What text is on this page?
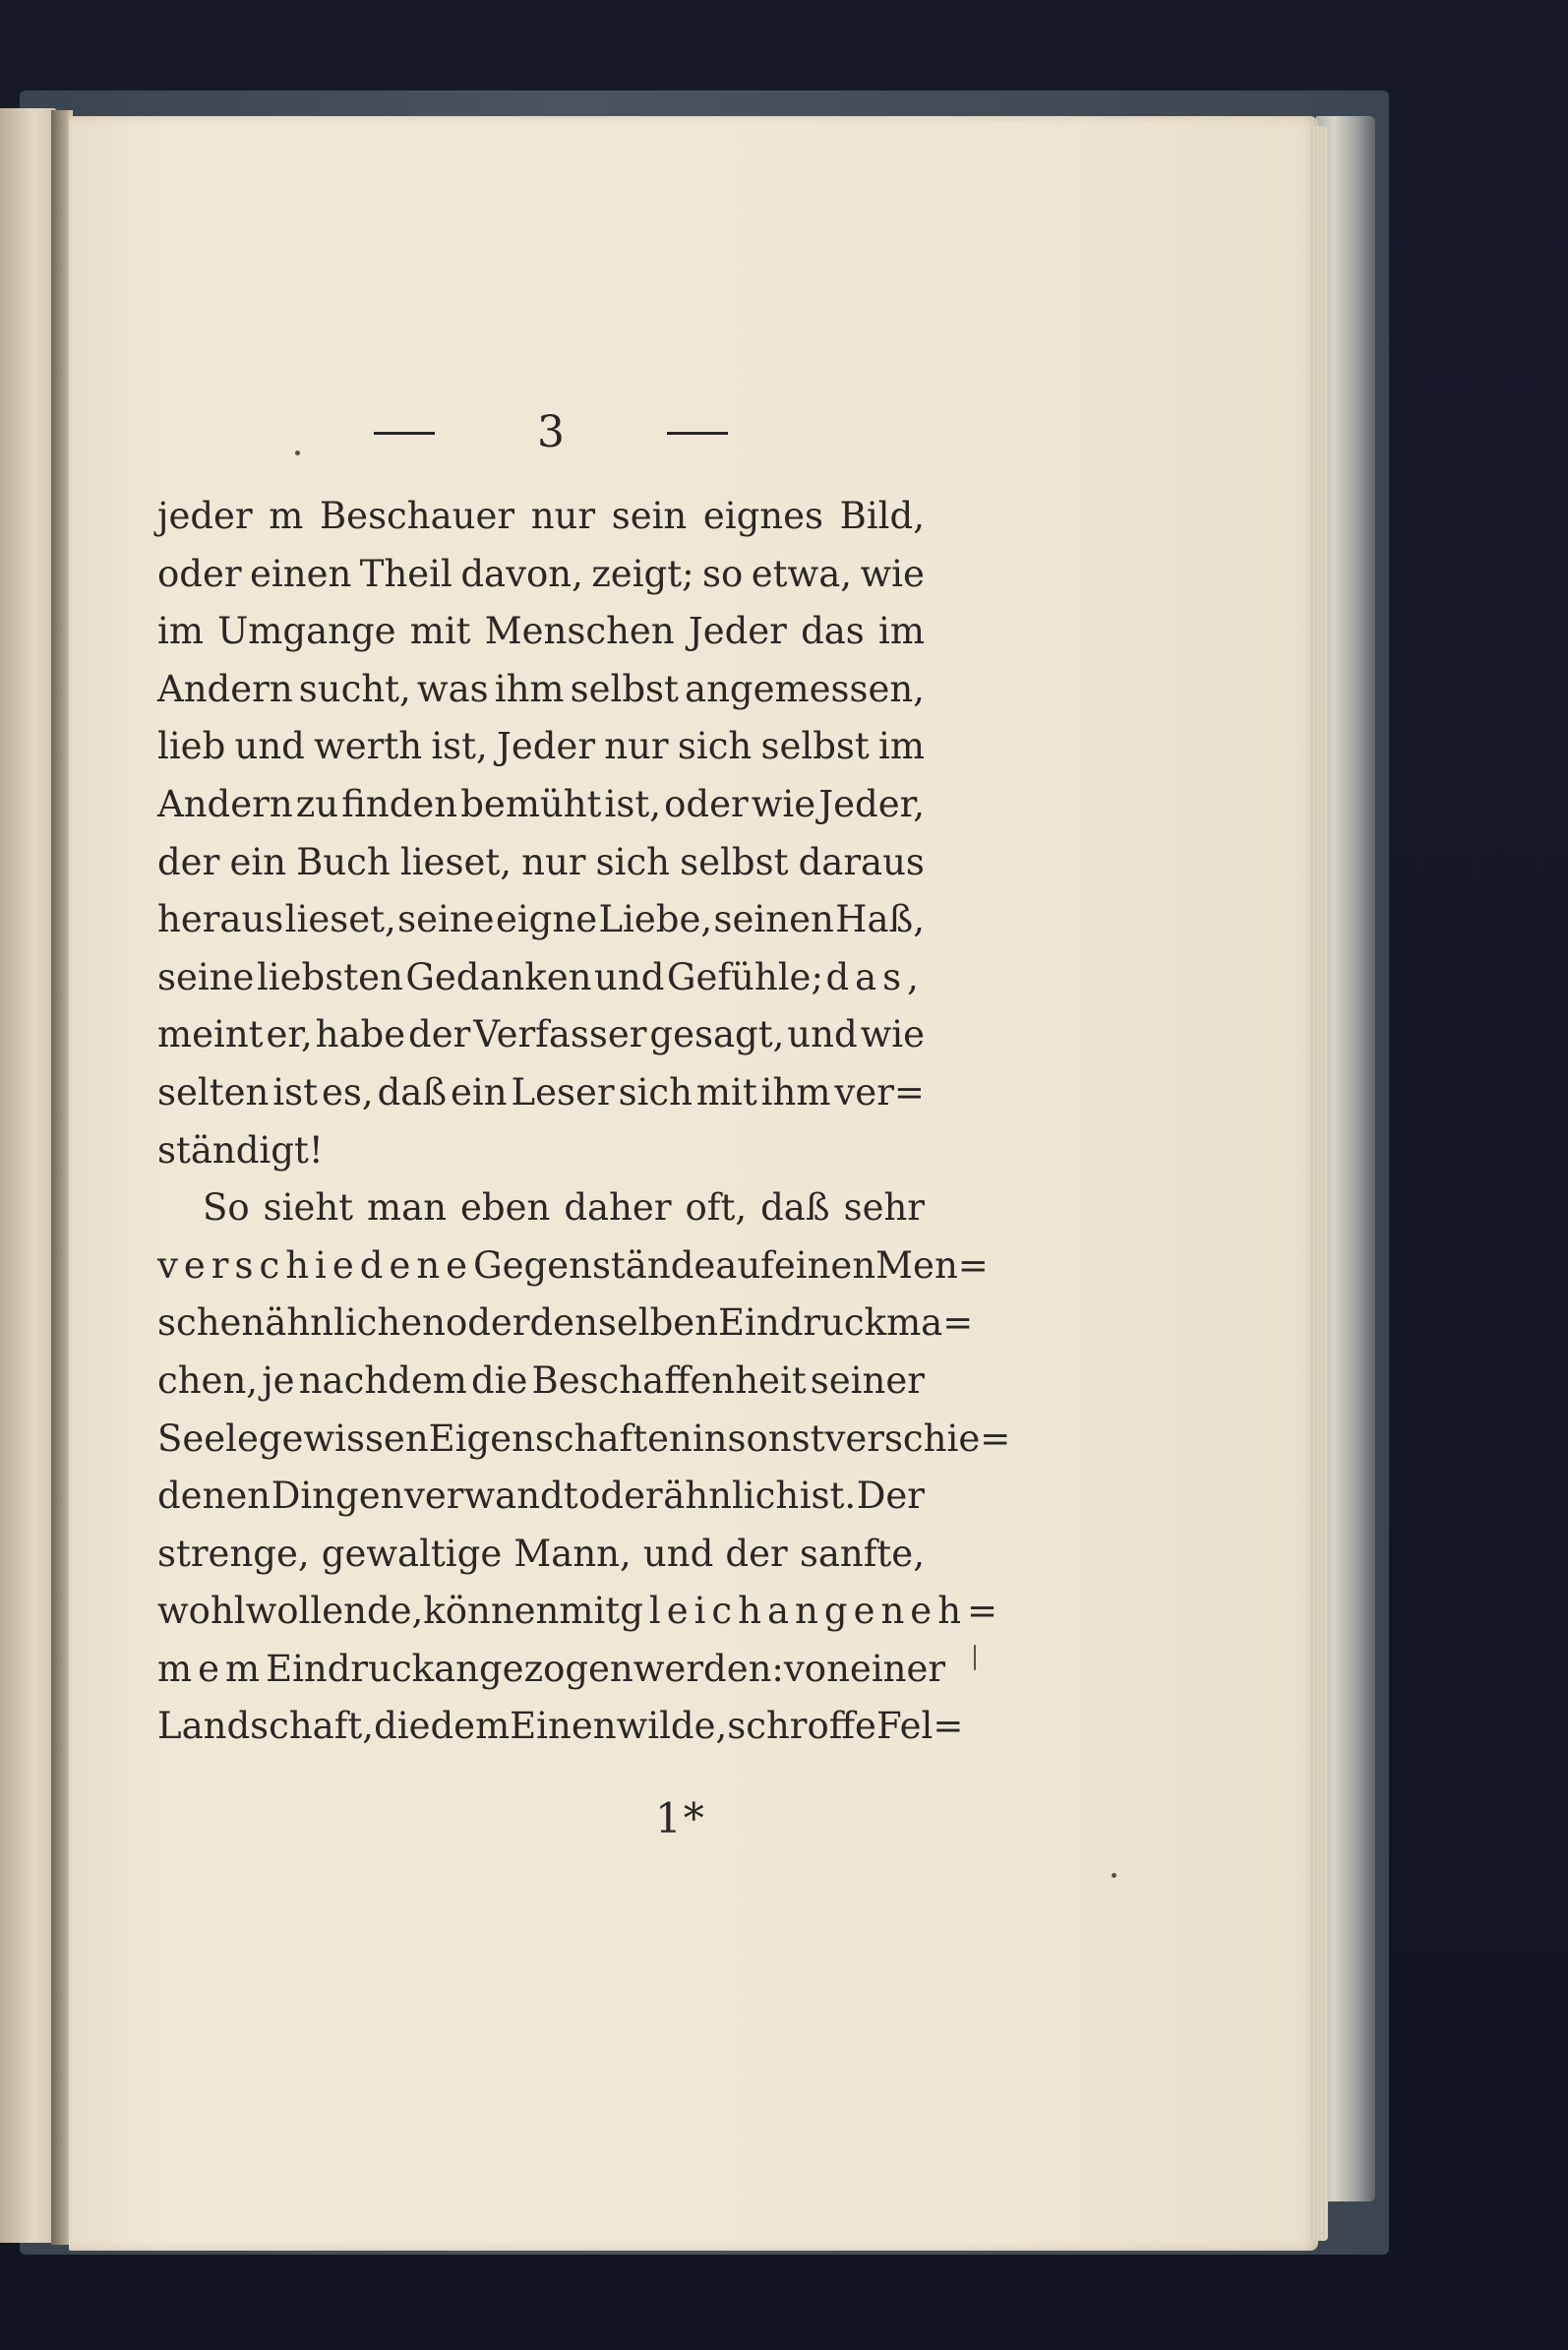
3
jeder m Beschauer nur sein eignes Bild,
oder einen Theil davon, zeigt; so etwa, wie
im Umgange mit Menschen Jeder das im
Andern sucht, was ihm selbst angemessen,
lieb und werth ist, Jeder nur sich selbst im
Andern zu finden bemüht ist, oder wie Jeder,
der ein Buch lieset, nur sich selbst daraus
heraus lieset, seine eigne Liebe, seinen Haß,
seine liebsten Gedanken und Gefühle; das,
meint er, habe der Verfasser gesagt, und wie
selten ist es, daß ein Leser sich mit ihm ver=
ständigt!
So sieht man eben daher oft, daß sehr
verschiedene Gegenstände auf einen Men=
schen ähnlichen oder denselben Eindruck ma=
chen, je nachdem die Beschaffenheit seiner
Seele gewissen Eigenschaften in sonst verschie=
denen Dingen verwandt oder ähnlich ist. Der
strenge, gewaltige Mann, und der sanfte,
wohlwollende, können mit gleich angeneh=
mem Eindruck angezogen werden: von einer
Landschaft, die dem Einen wilde, schroffe Fel=
1*
